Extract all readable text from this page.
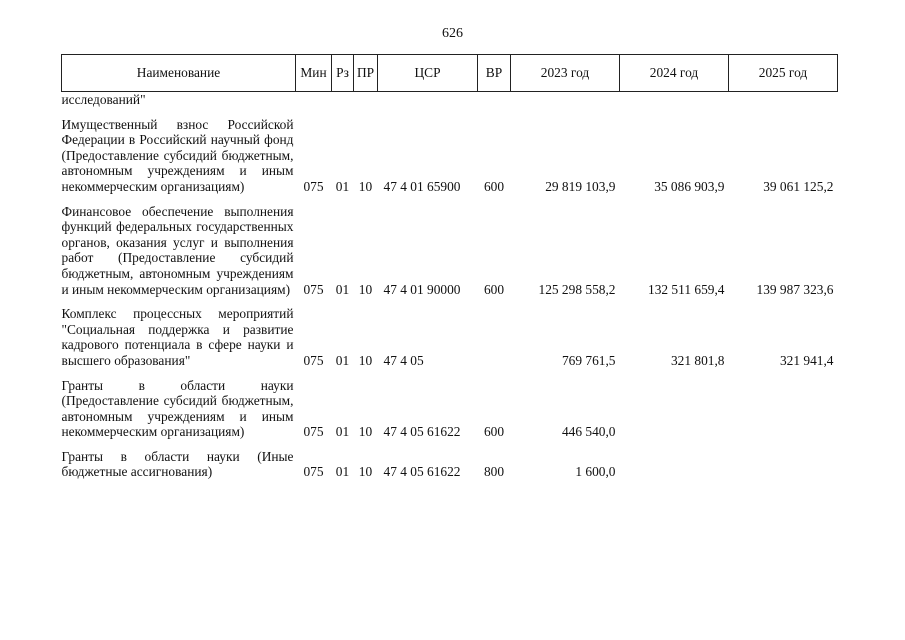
626
Наименование	Мин	Рз	ПР	ЦСР	ВР	2023 год	2024 год	2025 год
исследований"								

Имущественный взнос Российской Федерации в Российский научный фонд (Предоставление субсидий бюджетным, автономным учреждениям и иным некоммерческим организациям)	075	01	10	47 4 01 65900	600	29 819 103,9	35 086 903,9	39 061 125,2

Финансовое обеспечение выполнения функций федеральных государственных органов, оказания услуг и выполнения работ (Предоставление субсидий бюджетным, автономным учреждениям и иным некоммерческим организациям)	075	01	10	47 4 01 90000	600	125 298 558,2	132 511 659,4	139 987 323,6

Комплекс процессных мероприятий "Социальная поддержка и развитие кадрового потенциала в сфере науки и высшего образования"	075	01	10	47 4 05		769 761,5	321 801,8	321 941,4

Гранты в области науки (Предоставление субсидий бюджетным, автономным учреждениям и иным некоммерческим организациям)	075	01	10	47 4 05 61622	600	446 540,0		

Гранты в области науки (Иные бюджетные ассигнования)	075	01	10	47 4 05 61622	800	1 600,0		
